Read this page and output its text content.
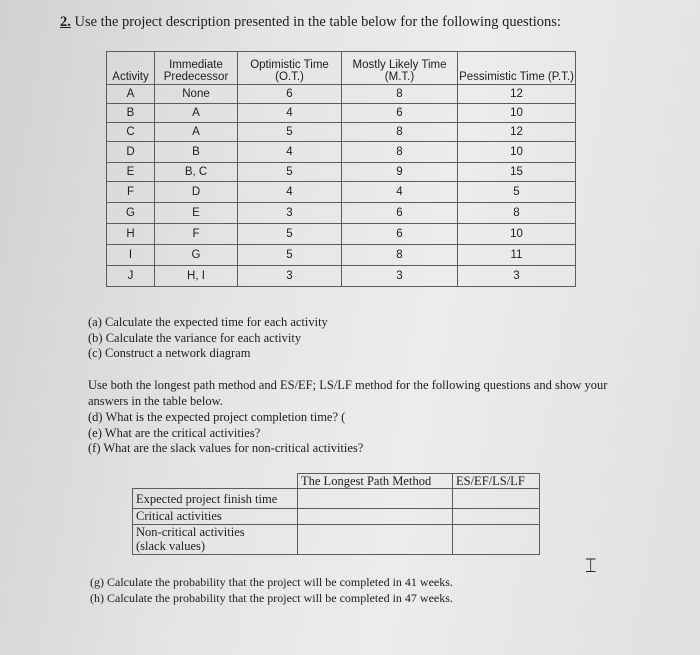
2. Use the project description presented in the table below for the following questions:
Activity	Immediate Predecessor	Optimistic Time (O.T.)	Mostly Likely Time (M.T.)	Pessimistic Time (P.T.)
A	None	6	8	12
B	A	4	6	10
C	A	5	8	12
D	B	4	8	10
E	B, C	5	9	15
F	D	4	4	5
G	E	3	6	8
H	F	5	6	10
I	G	5	8	11
J	H, I	3	3	3
(a) Calculate the expected time for each activity
(b) Calculate the variance for each activity
(c) Construct a network diagram
Use both the longest path method and ES/EF; LS/LF method for the following questions and show your answers in the table below.
(d) What is the expected project completion time? (
(e) What are the critical activities?
(f) What are the slack values for non-critical activities?
	The Longest Path Method	ES/EF/LS/LF
Expected project finish time		
Critical activities		

Non-critical activities
(slack values)		

⌶
(g) Calculate the probability that the project will be completed in 41 weeks.
(h) Calculate the probability that the project will be completed in 47 weeks.
